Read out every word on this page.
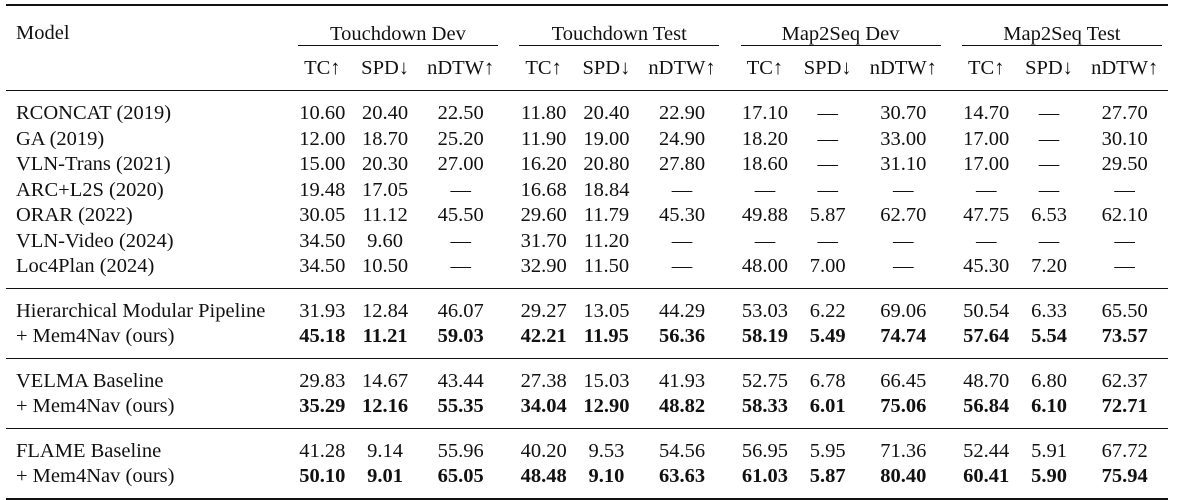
Model	Touchdown Dev				Touchdown Test				Map2Seq Dev				Map2Seq Test		

	TC↑	SPD↓	nDTW↑		TC↑	SPD↓	nDTW↑		TC↑	SPD↓	nDTW↑		TC↑	SPD↓	nDTW↑
RCONCAT (2019)	10.60	20.40	22.50		11.80	20.40	22.90		17.10	—	30.70		14.70	—	27.70
GA (2019)	12.00	18.70	25.20		11.90	19.00	24.90		18.20	—	33.00		17.00	—	30.10
VLN-Trans (2021)	15.00	20.30	27.00		16.20	20.80	27.80		18.60	—	31.10		17.00	—	29.50
ARC+L2S (2020)	19.48	17.05	—		16.68	18.84	—		—	—	—		—	—	—
ORAR (2022)	30.05	11.12	45.50		29.60	11.79	45.30		49.88	5.87	62.70		47.75	6.53	62.10
VLN-Video (2024)	34.50	9.60	—		31.70	11.20	—		—	—	—		—	—	—
Loc4Plan (2024)	34.50	10.50	—		32.90	11.50	—		48.00	7.00	—		45.30	7.20	—
Hierarchical Modular Pipeline	31.93	12.84	46.07		29.27	13.05	44.29		53.03	6.22	69.06		50.54	6.33	65.50
+ Mem4Nav (ours)	45.18	11.21	59.03		42.21	11.95	56.36		58.19	5.49	74.74		57.64	5.54	73.57
VELMA Baseline	29.83	14.67	43.44		27.38	15.03	41.93		52.75	6.78	66.45		48.70	6.80	62.37
+ Mem4Nav (ours)	35.29	12.16	55.35		34.04	12.90	48.82		58.33	6.01	75.06		56.84	6.10	72.71
FLAME Baseline	41.28	9.14	55.96		40.20	9.53	54.56		56.95	5.95	71.36		52.44	5.91	67.72
+ Mem4Nav (ours)	50.10	9.01	65.05		48.48	9.10	63.63		61.03	5.87	80.40		60.41	5.90	75.94
